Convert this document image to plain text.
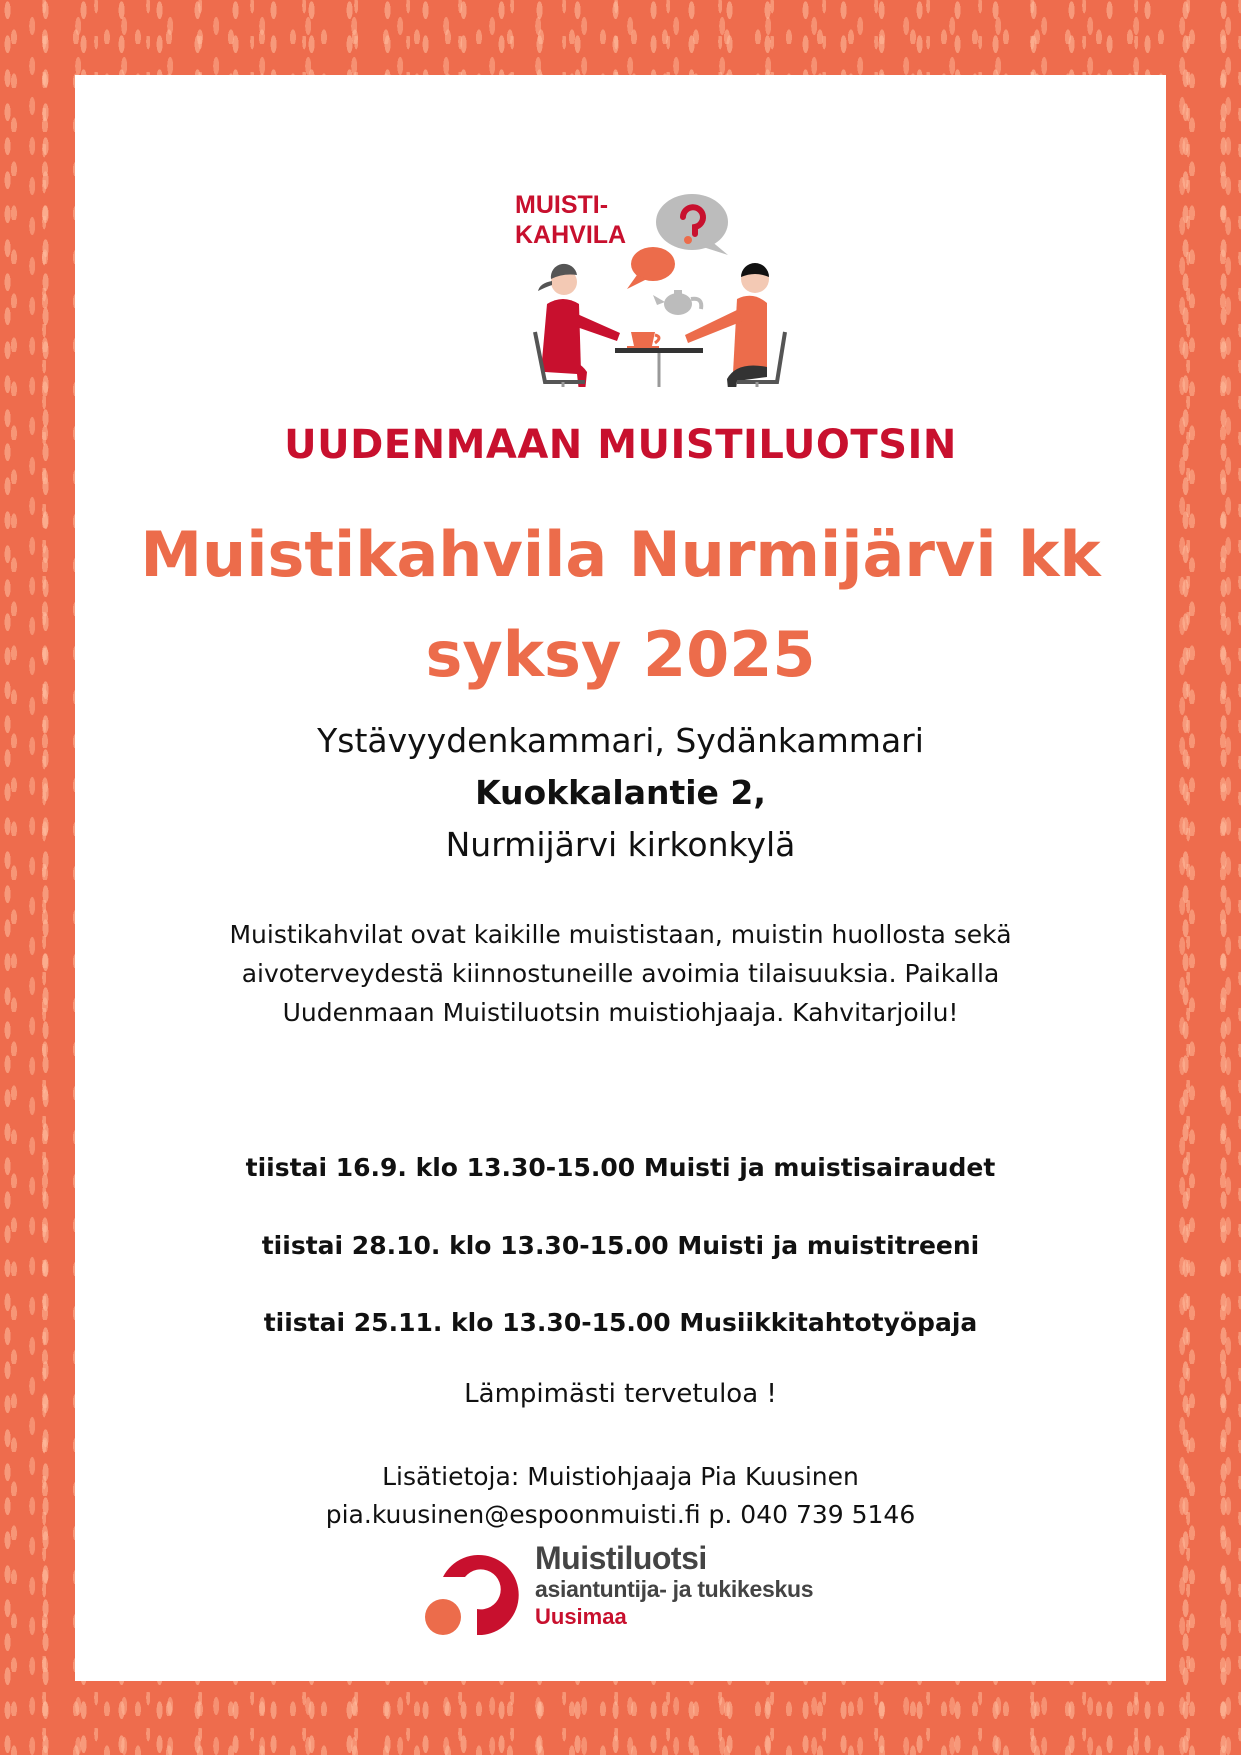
MUISTI-
KAHVILA
UUDENMAAN MUISTILUOTSIN
Muistikahvila Nurmijärvi kk
syksy 2025
Ystävyydenkammari, Sydänkammari
Kuokkalantie 2,
Nurmijärvi kirkonkylä
Muistikahvilat ovat kaikille muististaan, muistin huollosta sekä aivoterveydestä kiinnostuneille avoimia tilaisuuksia. Paikalla Uudenmaan Muistiluotsin muistiohjaaja. Kahvitarjoilu!
tiistai 16.9. klo 13.30-15.00 Muisti ja muistisairaudet
tiistai 28.10. klo 13.30-15.00 Muisti ja muistitreeni
tiistai 25.11. klo 13.30-15.00 Musiikkitahtotyöpaja
Lämpimästi tervetuloa !
Lisätietoja: Muistiohjaaja Pia Kuusinen
pia.kuusinen@espoonmuisti.fi p. 040 739 5146
Muistiluotsi
asiantuntija- ja tukikeskus
Uusimaa
